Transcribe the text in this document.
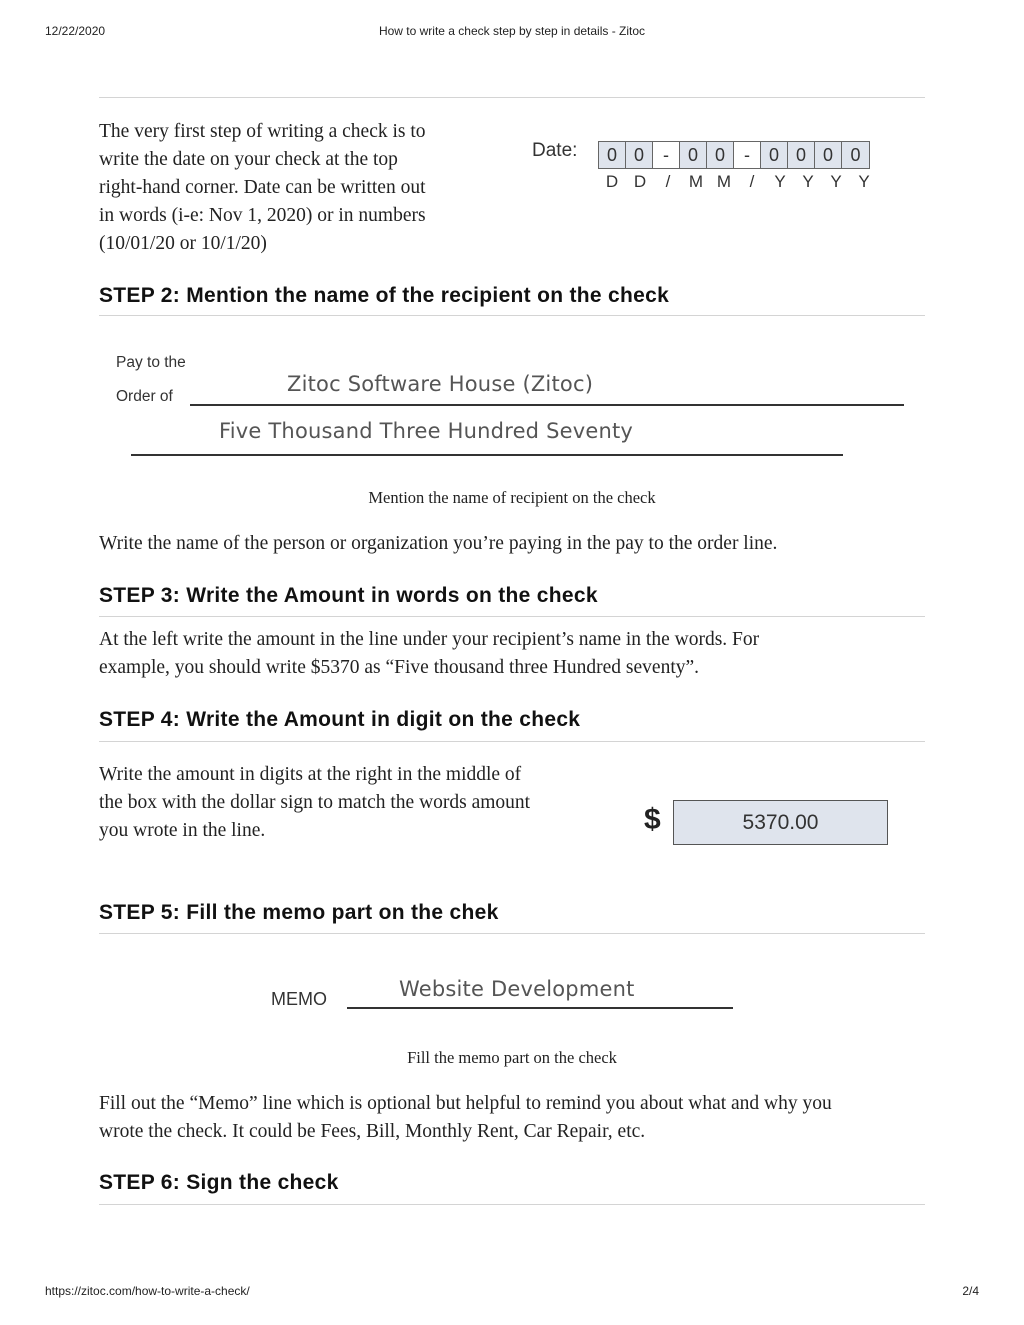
12/22/2020	How to write a check step by step in details - Zitoc
The very first step of writing a check is to
write the date on your check at the top
right-hand corner. Date can be written out
in words (i-e: Nov 1, 2020) or in numbers
(10/01/20 or 10/1/20)
Date:	0 0	-	0 0	-	0 0 0 0
D D	/	M M	/	Y Y Y Y
STEP 2: Mention the name of the recipient on the check
Pay to the
Order of
Zitoc Software House (Zitoc)
Five Thousand Three Hundred Seventy
Mention the name of recipient on the check
Write the name of the person or organization you’re paying in the pay to the order line.
STEP 3: Write the Amount in words on the check
At the left write the amount in the line under your recipient’s name in the words. For
example, you should write $5370 as “Five thousand three Hundred seventy”.
STEP 4: Write the Amount in digit on the check
Write the amount in digits at the right in the middle of
the box with the dollar sign to match the words amount
you wrote in the line.	$	5370.00
STEP 5: Fill the memo part on the chek
MEMO	Website Development
Fill the memo part on the check
Fill out the “Memo” line which is optional but helpful to remind you about what and why you
wrote the check. It could be Fees, Bill, Monthly Rent, Car Repair, etc.
STEP 6: Sign the check
https://zitoc.com/how-to-write-a-check/	2/4
